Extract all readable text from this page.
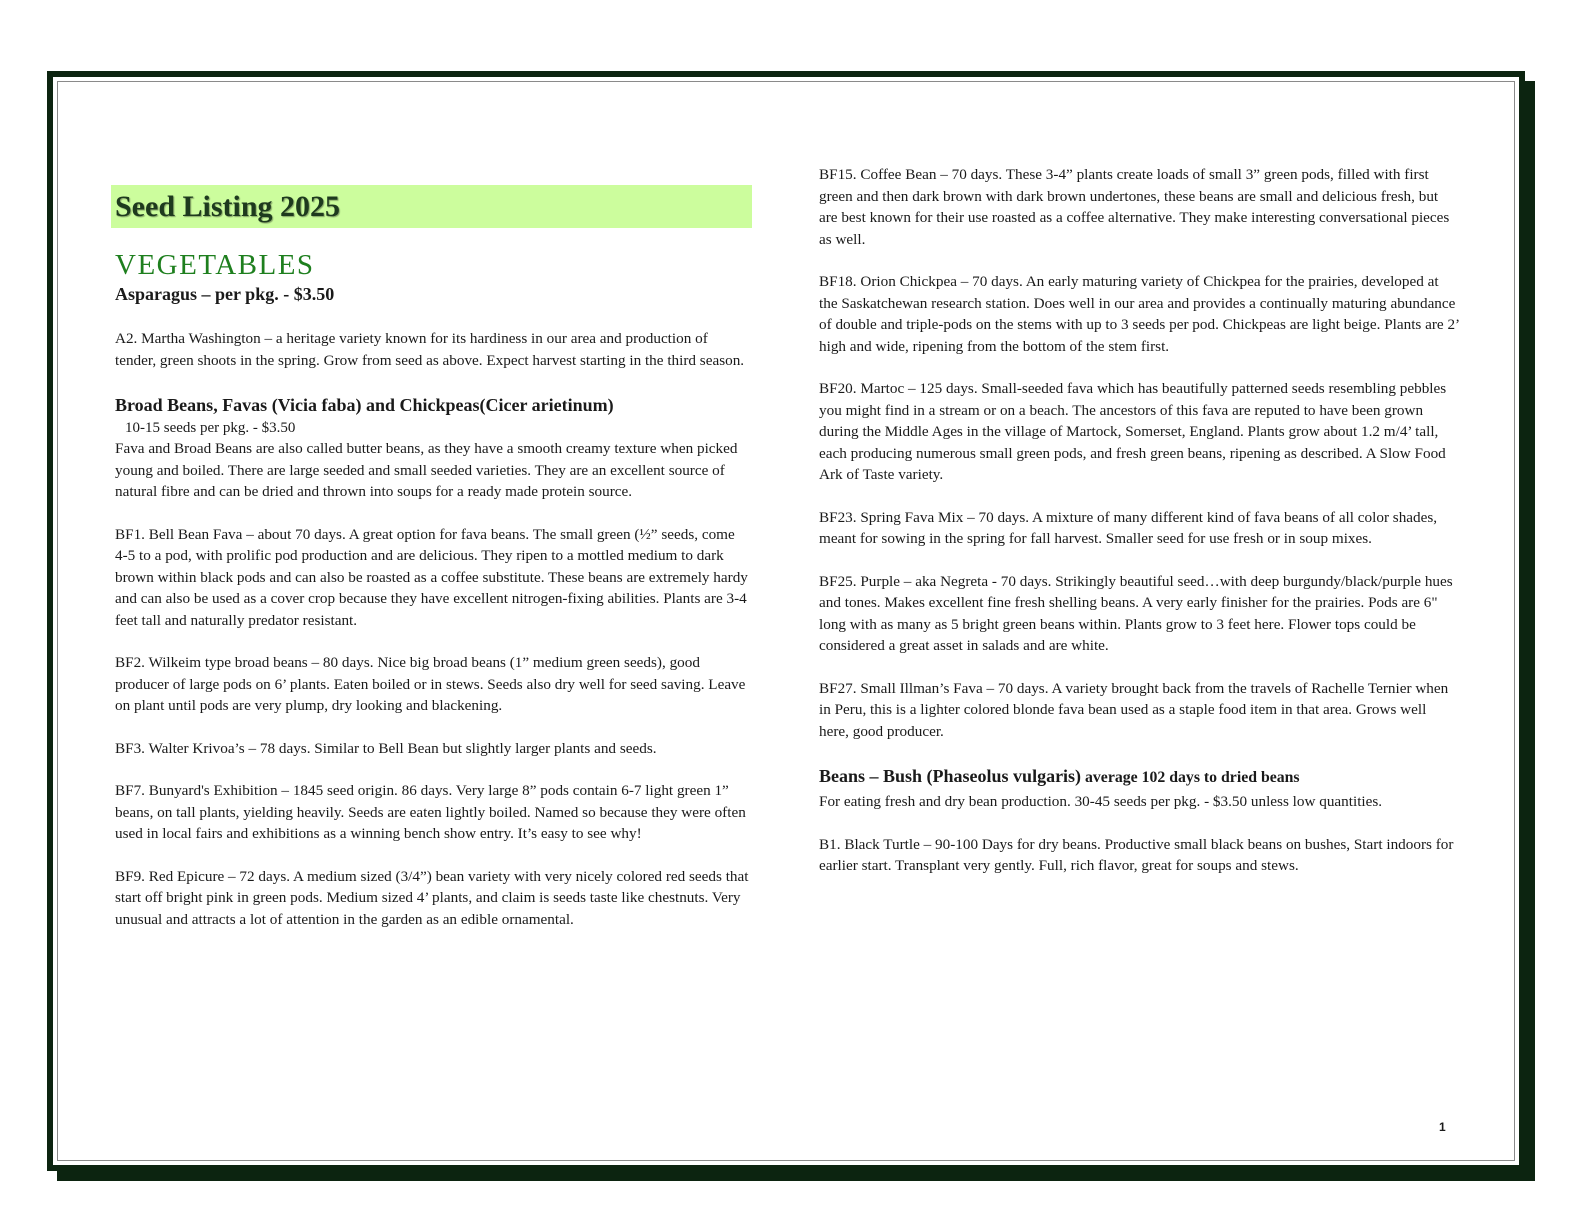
Seed Listing 2025
VEGETABLES
Asparagus – per pkg. - $3.50

A2. Martha Washington – a heritage variety known for its hardiness in our area and production of tender, green shoots in the spring. Grow from seed as above. Expect harvest starting in the third season.

Broad Beans, Favas (Vicia faba) and Chickpeas(Cicer arietinum)

10-15 seeds per pkg. - $3.50

Fava and Broad Beans are also called butter beans, as they have a smooth creamy texture when picked young and boiled. There are large seeded and small seeded varieties. They are an excellent source of natural fibre and can be dried and thrown into soups for a ready made protein source.

BF1. Bell Bean Fava – about 70 days. A great option for fava beans. The small green (½” seeds, come 4-5 to a pod, with prolific pod production and are delicious. They ripen to a mottled medium to dark brown within black pods and can also be roasted as a coffee substitute. These beans are extremely hardy and can also be used as a cover crop because they have excellent nitrogen-fixing abilities. Plants are 3-4 feet tall and naturally predator resistant.

BF2. Wilkeim type broad beans – 80 days. Nice big broad beans (1” medium green seeds), good producer of large pods on 6’ plants. Eaten boiled or in stews. Seeds also dry well for seed saving. Leave on plant until pods are very plump, dry looking and blackening.

BF3. Walter Krivoa’s – 78 days. Similar to Bell Bean but slightly larger plants and seeds.

BF7. Bunyard's Exhibition – 1845 seed origin. 86 days. Very large 8” pods contain 6-7 light green 1” beans, on tall plants, yielding heavily. Seeds are eaten lightly boiled. Named so because they were often used in local fairs and exhibitions as a winning bench show entry. It’s easy to see why!

BF9. Red Epicure – 72 days. A medium sized (3/4”) bean variety with very nicely colored red seeds that start off bright pink in green pods. Medium sized 4’ plants, and claim is seeds taste like chestnuts. Very unusual and attracts a lot of attention in the garden as an edible ornamental.

BF15. Coffee Bean – 70 days. These 3-4” plants create loads of small 3” green pods, filled with first green and then dark brown with dark brown undertones, these beans are small and delicious fresh, but are best known for their use roasted as a coffee alternative. They make interesting conversational pieces as well.

BF18. Orion Chickpea – 70 days. An early maturing variety of Chickpea for the prairies, developed at the Saskatchewan research station. Does well in our area and provides a continually maturing abundance of double and triple-pods on the stems with up to 3 seeds per pod. Chickpeas are light beige. Plants are 2’ high and wide, ripening from the bottom of the stem first.

BF20. Martoc – 125 days. Small-seeded fava which has beautifully patterned seeds resembling pebbles you might find in a stream or on a beach. The ancestors of this fava are reputed to have been grown during the Middle Ages in the village of Martock, Somerset, England. Plants grow about 1.2 m/4’ tall, each producing numerous small green pods, and fresh green beans, ripening as described. A Slow Food Ark of Taste variety.

BF23. Spring Fava Mix – 70 days. A mixture of many different kind of fava beans of all color shades, meant for sowing in the spring for fall harvest. Smaller seed for use fresh or in soup mixes.

BF25. Purple – aka Negreta - 70 days. Strikingly beautiful seed…with deep burgundy/black/purple hues and tones. Makes excellent fine fresh shelling beans. A very early finisher for the prairies. Pods are 6" long with as many as 5 bright green beans within. Plants grow to 3 feet here. Flower tops could be considered a great asset in salads and are white.

BF27. Small Illman’s Fava – 70 days. A variety brought back from the travels of Rachelle Ternier when in Peru, this is a lighter colored blonde fava bean used as a staple food item in that area. Grows well here, good producer.

Beans – Bush (Phaseolus vulgaris) average 102 days to dried beans

For eating fresh and dry bean production. 30-45 seeds per pkg. - $3.50 unless low quantities.

B1. Black Turtle – 90-100 Days for dry beans. Productive small black beans on bushes, Start indoors for earlier start. Transplant very gently. Full, rich flavor, great for soups and stews.

1
